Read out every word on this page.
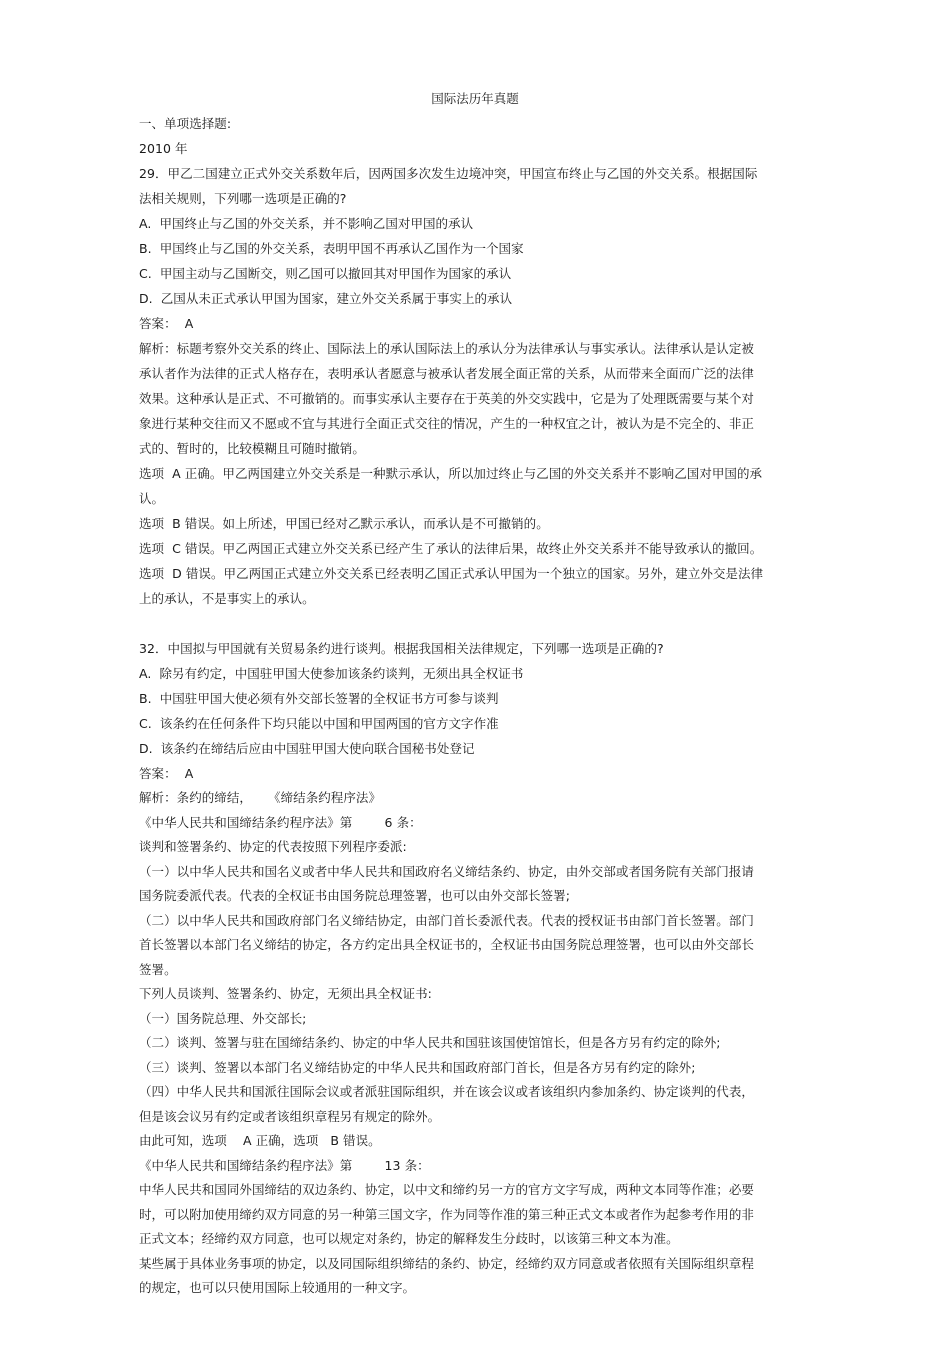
国际法历年真题
一、单项选择题:
2010 年
29．甲乙二国建立正式外交关系数年后，因两国多次发生边境冲突，甲国宣布终止与乙国的外交关系。根据国际
法相关规则，下列哪一选项是正确的?
A.  甲国终止与乙国的外交关系，并不影响乙国对甲国的承认
B.  甲国终止与乙国的外交关系，表明甲国不再承认乙国作为一个国家
C.  甲国主动与乙国断交，则乙国可以撤回其对甲国作为国家的承认
D.  乙国从未正式承认甲国为国家，建立外交关系属于事实上的承认
答案：  A
解析：标题考察外交关系的终止、国际法上的承认国际法上的承认分为法律承认与事实承认。法律承认是认定被
承认者作为法律的正式人格存在，表明承认者愿意与被承认者发展全面正常的关系，从而带来全面而广泛的法律
效果。这种承认是正式、不可撤销的。而事实承认主要存在于英美的外交实践中，它是为了处理既需要与某个对
象进行某种交往而又不愿或不宜与其进行全面正式交往的情况，产生的一种权宜之计，被认为是不完全的、非正
式的、暂时的，比较模糊且可随时撤销。
选项  A 正确。甲乙两国建立外交关系是一种默示承认，所以加过终止与乙国的外交关系并不影响乙国对甲国的承
认。
选项  B 错误。如上所述，甲国已经对乙默示承认，而承认是不可撤销的。
选项  C 错误。甲乙两国正式建立外交关系已经产生了承认的法律后果，故终止外交关系并不能导致承认的撤回。
选项  D 错误。甲乙两国正式建立外交关系已经表明乙国正式承认甲国为一个独立的国家。另外，建立外交是法律
上的承认，不是事实上的承认。
32．中国拟与甲国就有关贸易条约进行谈判。根据我国相关法律规定，下列哪一选项是正确的?
A.  除另有约定，中国驻甲国大使参加该条约谈判，无须出具全权证书
B.  中国驻甲国大使必须有外交部长签署的全权证书方可参与谈判
C.  该条约在任何条件下均只能以中国和甲国两国的官方文字作准
D.  该条约在缔结后应由中国驻甲国大使向联合国秘书处登记
答案：  A
解析：条约的缔结，    《缔结条约程序法》
《中华人民共和国缔结条约程序法》第        6 条：
谈判和签署条约、协定的代表按照下列程序委派:
（一）以中华人民共和国名义或者中华人民共和国政府名义缔结条约、协定，由外交部或者国务院有关部门报请
国务院委派代表。代表的全权证书由国务院总理签署，也可以由外交部长签署;
（二）以中华人民共和国政府部门名义缔结协定，由部门首长委派代表。代表的授权证书由部门首长签署。部门
首长签署以本部门名义缔结的协定，各方约定出具全权证书的，全权证书由国务院总理签署，也可以由外交部长
签署。
下列人员谈判、签署条约、协定，无须出具全权证书:
（一）国务院总理、外交部长;
（二）谈判、签署与驻在国缔结条约、协定的中华人民共和国驻该国使馆馆长，但是各方另有约定的除外;
（三）谈判、签署以本部门名义缔结协定的中华人民共和国政府部门首长，但是各方另有约定的除外;
（四）中华人民共和国派往国际会议或者派驻国际组织，并在该会议或者该组织内参加条约、协定谈判的代表，
但是该会议另有约定或者该组织章程另有规定的除外。
由此可知，选项    A 正确，选项   B 错误。
《中华人民共和国缔结条约程序法》第        13 条：
中华人民共和国同外国缔结的双边条约、协定，以中文和缔约另一方的官方文字写成，两种文本同等作准；必要
时，可以附加使用缔约双方同意的另一种第三国文字，作为同等作准的第三种正式文本或者作为起参考作用的非
正式文本；经缔约双方同意，也可以规定对条约，协定的解释发生分歧时，以该第三种文本为准。
某些属于具体业务事项的协定，以及同国际组织缔结的条约、协定，经缔约双方同意或者依照有关国际组织章程
的规定，也可以只使用国际上较通用的一种文字。
